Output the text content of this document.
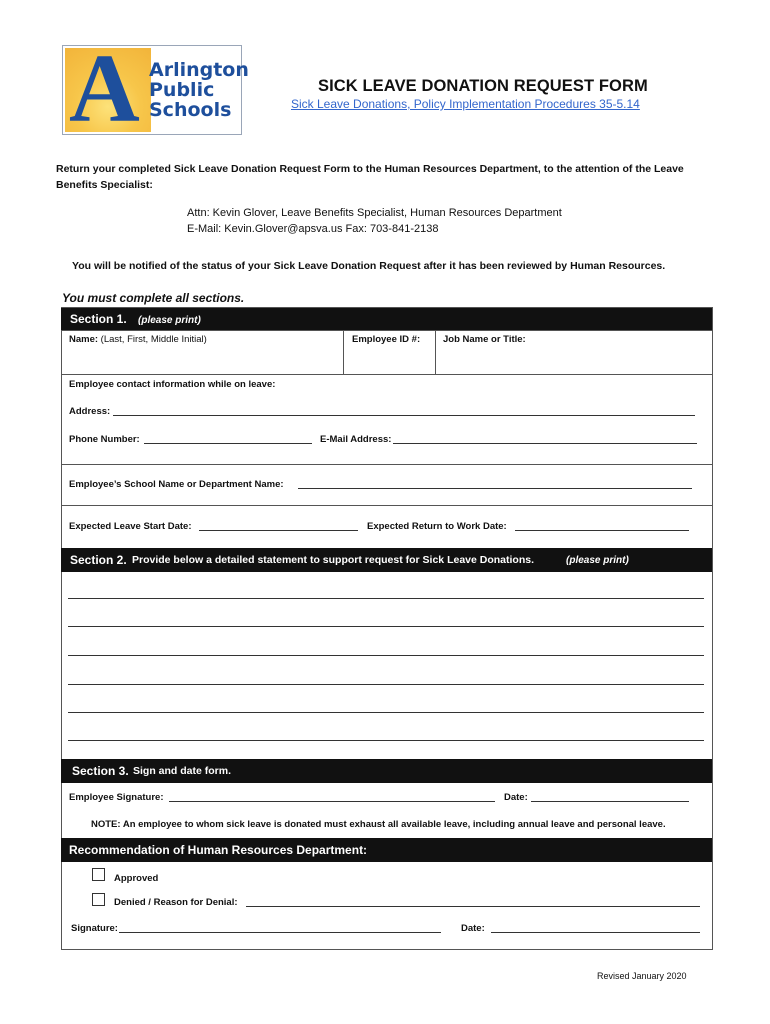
A Arlington
Public
Schools
SICK LEAVE DONATION REQUEST FORM
Sick Leave Donations, Policy Implementation Procedures 35-5.14
Return your completed Sick Leave Donation Request Form to the Human Resources Department, to the attention of the Leave Benefits Specialist:
Attn: Kevin Glover, Leave Benefits Specialist, Human Resources Department
E-Mail: Kevin.Glover@apsva.us Fax: 703-841-2138
You will be notified of the status of your Sick Leave Donation Request after it has been reviewed by Human Resources.
You must complete all sections.
Section 1. (please print)
Name: (Last, First, Middle Initial)	Employee ID #: Job Name or Title:
Employee contact information while on leave:
Address:
Phone Number:	E-Mail Address:
Employee’s School Name or Department Name:
Expected Leave Start Date:	Expected Return to Work Date:
Section 2. Provide below a detailed statement to support request for Sick Leave Donations.	(please print)
Section 3. Sign and date form.
Employee Signature:	Date:
NOTE: An employee to whom sick leave is donated must exhaust all available leave, including annual leave and personal leave.
Recommendation of Human Resources Department:
Approved
Denied / Reason for Denial:
Signature:	Date:
Revised January 2020
